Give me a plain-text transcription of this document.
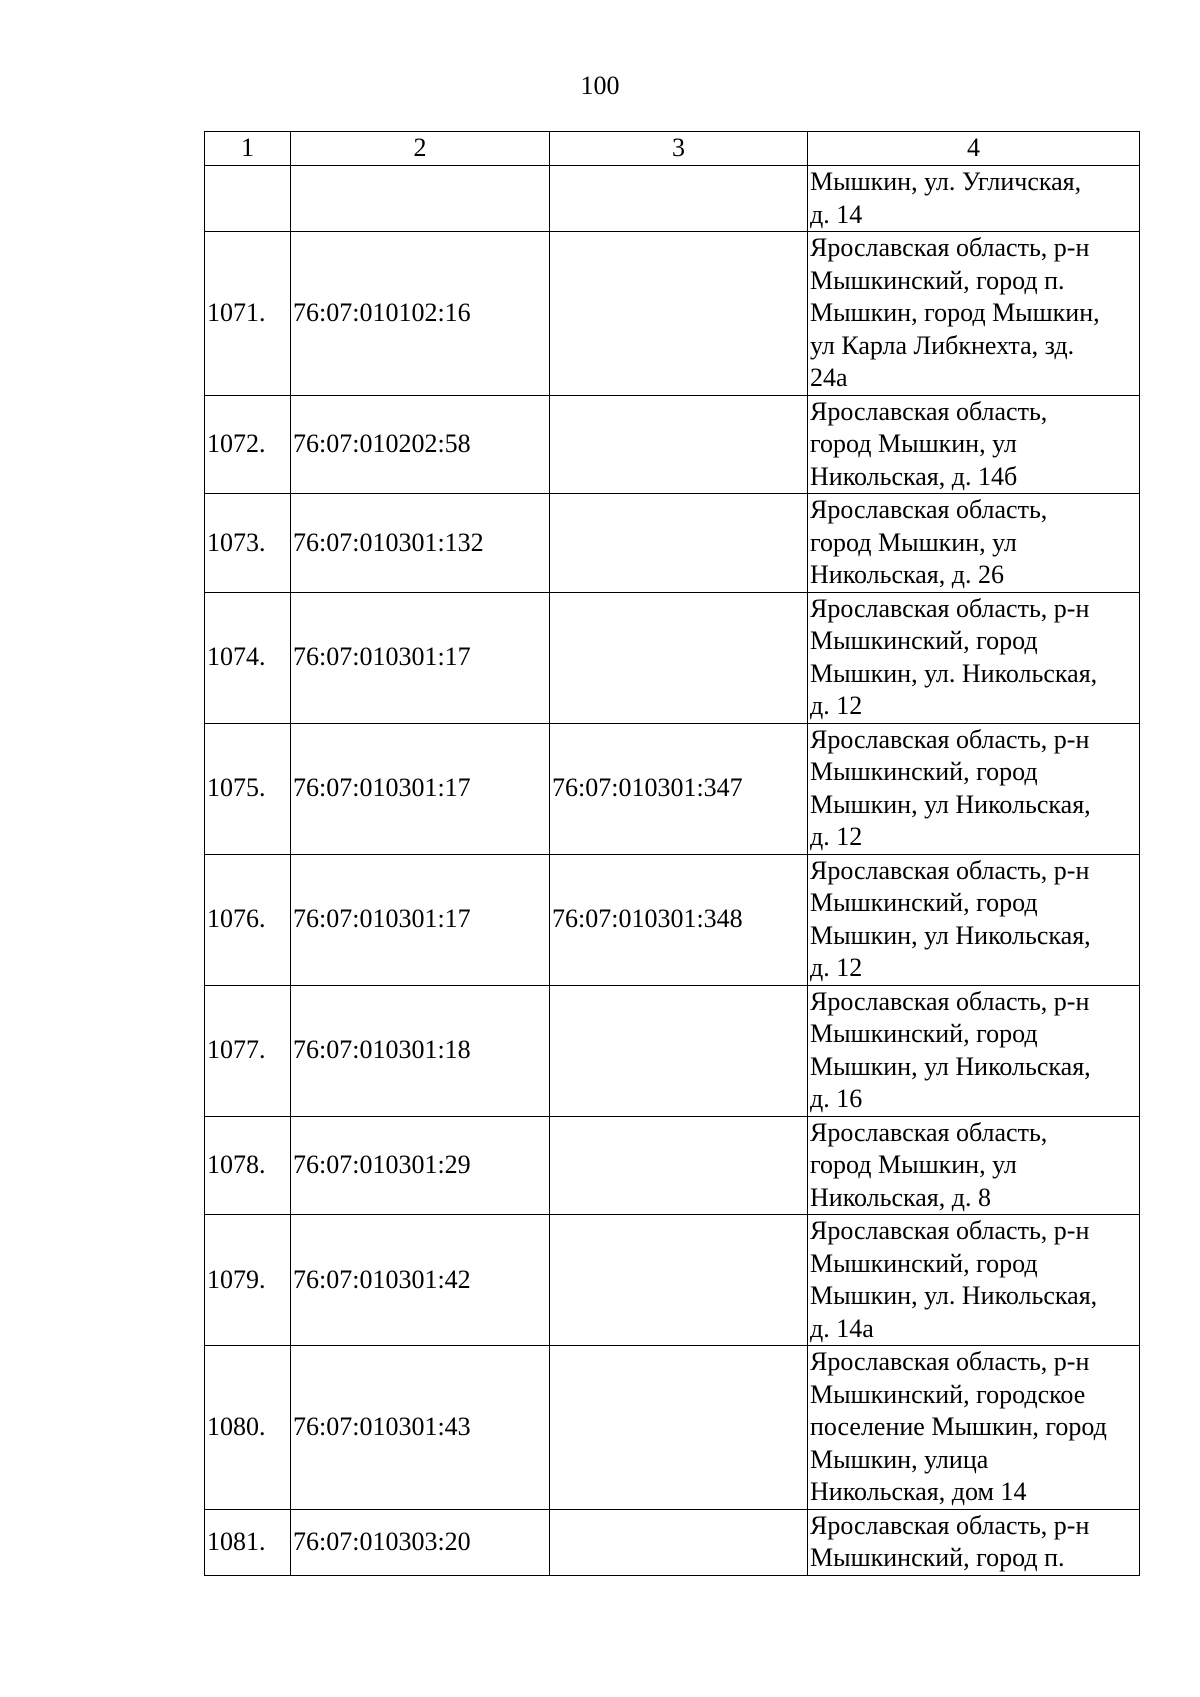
100
1	2	3	4
			Мышкин, ул. Угличская,
д. 14
1071.	76:07:010102:16		Ярославская область, р-н
Мышкинский, город п.
Мышкин, город Мышкин,
ул Карла Либкнехта, зд.
24а
1072.	76:07:010202:58		Ярославская область,
город Мышкин, ул
Никольская, д. 14б
1073.	76:07:010301:132		Ярославская область,
город Мышкин, ул
Никольская, д. 26
1074.	76:07:010301:17		Ярославская область, р-н
Мышкинский, город
Мышкин, ул. Никольская,
д. 12
1075.	76:07:010301:17	76:07:010301:347	Ярославская область, р-н
Мышкинский, город
Мышкин, ул Никольская,
д. 12
1076.	76:07:010301:17	76:07:010301:348	Ярославская область, р-н
Мышкинский, город
Мышкин, ул Никольская,
д. 12
1077.	76:07:010301:18		Ярославская область, р-н
Мышкинский, город
Мышкин, ул Никольская,
д. 16
1078.	76:07:010301:29		Ярославская область,
город Мышкин, ул
Никольская, д. 8
1079.	76:07:010301:42		Ярославская область, р-н
Мышкинский, город
Мышкин, ул. Никольская,
д. 14а
1080.	76:07:010301:43		Ярославская область, р-н
Мышкинский, городское
поселение Мышкин, город
Мышкин, улица
Никольская, дом 14
1081.	76:07:010303:20		Ярославская область, р-н
Мышкинский, город п.
